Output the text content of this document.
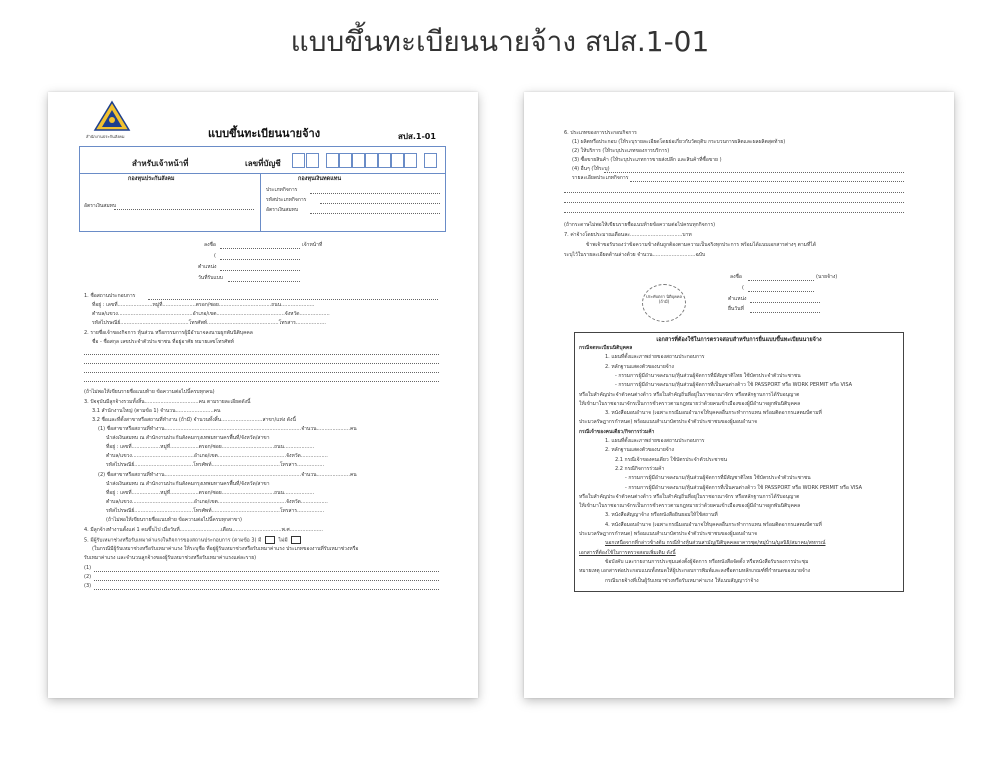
แบบขึ้นทะเบียนนายจ้าง สปส.1-01
สำนักงานประกันสังคม	แบบขึ้นทะเบียนนายจ้าง	สปส.1-01
สำหรับเจ้าหน้าที่	เลขที่บัญชี
กองทุนประกันสังคม	กองทุนเงินทดแทน
อัตราเงินสมทบ
ประเภทกิจการ
รหัสประเภทกิจการ
อัตราเงินสมทบ
ลงชื่อ	เจ้าหน้าที่
(
ตำแหน่ง
วันที่รับแบบ
1. ชื่อสถานประกอบการ
ที่อยู่ : เลขที่......................หมู่ที่.....................ตรอก/ซอย.................................ถนน.....................
ตำบล/แขวง...............................................อำเภอ/เขต...........................................จังหวัด...................
รหัสไปรษณีย์...........................................โทรศัพท์.............................................โทรสาร...................
2. รายชื่อเจ้าของกิจการ หุ้นส่วน หรือกรรมการผู้มีอำนาจลงนามผูกพันนิติบุคคล
ชื่อ - ชื่อสกุล เลขประจำตัวประชาชน ที่อยู่อาศัย หมายเลขโทรศัพท์
(ถ้าไม่พอให้เขียนรายชื่อแนบท้าย ข้อความต่อไปนี้ครบทุกคน)
3. ปัจจุบันมีลูกจ้างรวมทั้งสิ้น..................................คน ตามรายละเอียดดังนี้
3.1 สำนักงานใหญ่ (ตามข้อ 1) จำนวน........................คน
3.2 ชื่อและที่ตั้งสาขาหรือสถานที่ทำงาน (ถ้ามี) จำนวนทั้งสิ้น..........................สาขา/แห่ง ดังนี้
(1) ชื่อสาขาหรือสถานที่ทำงาน......................................................................................จำนวน.....................คน
นำส่งเงินสมทบ ณ สำนักงานประกันสังคมกรุงเทพมหานครพื้นที่/จังหวัด/สาขา
ที่อยู่ : เลขที่..................หมู่ที่..................ตรอก/ซอย.................................ถนน...................
ตำบล/แขวง.......................................อำเภอ/เขต...........................................จังหวัด.................
รหัสไปรษณีย์.....................................โทรศัพท์...........................................โทรสาร.................
(2) ชื่อสาขาหรือสถานที่ทำงาน......................................................................................จำนวน.....................คน
นำส่งเงินสมทบ ณ สำนักงานประกันสังคมกรุงเทพมหานครพื้นที่/จังหวัด/สาขา
ที่อยู่ : เลขที่..................หมู่ที่..................ตรอก/ซอย.................................ถนน...................
ตำบล/แขวง.......................................อำเภอ/เขต...........................................จังหวัด.................
รหัสไปรษณีย์.....................................โทรศัพท์...........................................โทรสาร.................
(ถ้าไม่พอให้เขียนรายชื่อแนบท้าย ข้อความต่อไปนี้ครบทุกสาขา)
4. มีลูกจ้างทำงานตั้งแต่ 1 คนขึ้นไป เมื่อวันที่..........................เดือน...............................พ.ศ.....................
5. มีผู้รับเหมาช่วงหรือรับเหมาค่าแรงในกิจการของสถานประกอบการ (ตามข้อ 3) มี	ไม่มี
(ในกรณีมีผู้รับเหมาช่วงหรือรับเหมาค่าแรง ให้ระบุชื่อ ที่อยู่ผู้รับเหมาช่วงหรือรับเหมาค่าแรง ประเภทของงานที่รับเหมาช่วงหรือ
รับเหมาค่าแรง และจำนวนลูกจ้างของผู้รับเหมาช่วงหรือรับเหมาค่าแรงแต่ละราย)
(1)
(2)
(3)
6. ประเภทของการประกอบกิจการ
(1) ผลิตหรือประกอบ (ให้ระบุรายละเอียดโดยย่อเกี่ยวกับวัตถุดิบ กระบวนการผลิตและผลผลิตสุดท้าย)
(2) ให้บริการ (ให้ระบุประเภทของการบริการ)
(3) ซื้อขายสินค้า (ให้ระบุประเภทการขายส่งปลีก และสินค้าที่ซื้อขาย )
(4) อื่นๆ (ให้ระบุ)
รายละเอียดประเภทกิจการ
(ถ้ากระดาษไม่พอให้เขียนรายชื่อแนบท้ายข้อความต่อไปครบทุกกิจการ)
7. ค่าจ้างโดยประมาณเดือนละ.................................บาท
ข้าพเจ้าขอรับรองว่าข้อความข้างต้นถูกต้องตามความเป็นจริงทุกประการ พร้อมได้แนบเอกสารต่างๆ ตามที่ได้
ระบุไว้ในรายละเอียดด้านล่างด้วย จำนวน...........................ฉบับ
ประทับตรา นิติบุคคล (ถ้ามี)
ลงชื่อ	(นายจ้าง)
(
ตำแหน่ง
ยื่นวันที่
เอกสารที่ต้องใช้ในการตรวจสอบสำหรับการยื่นแบบขึ้นทะเบียนนายจ้าง
กรณีจดทะเบียนนิติบุคคล
1. แผนที่ตั้งและภาพถ่ายของสถานประกอบการ
2. หลักฐานแสดงตัวของนายจ้าง
- กรรมการผู้มีอำนาจลงนาม/หุ้นส่วนผู้จัดการที่มีสัญชาติไทย ใช้บัตรประจำตัวประชาชน
- กรรมการผู้มีอำนาจลงนาม/หุ้นส่วนผู้จัดการที่เป็นคนต่างด้าว ใช้ PASSPORT หรือ WORK PERMIT หรือ VISA
หรือใบสำคัญประจำตัวคนต่างด้าว หรือใบสำคัญถิ่นที่อยู่ในราชอาณาจักร หรือหลักฐานการได้รับอนุญาต
ให้เข้ามาในราชอาณาจักรเป็นการชั่วคราวตามกฎหมายว่าด้วยคนเข้าเมืองของผู้มีอำนาจผูกพันนิติบุคคล
3. หนังสือมอบอำนาจ (เฉพาะกรณีมอบอำนาจให้บุคคลอื่นกระทำการแทน พร้อมติดอากรแสตมป์ตามที่
ประมวลรัษฎากรกำหนด) พร้อมแนบสำเนาบัตรประจำตัวประชาชนของผู้มอบอำนาจ
กรณีเจ้าของคนเดียว/กิจการร่วมค้า
1. แผนที่ตั้งและภาพถ่ายของสถานประกอบการ
2. หลักฐานแสดงตัวของนายจ้าง
2.1 กรณีเจ้าของคนเดียว ใช้บัตรประจำตัวประชาชน
2.2 กรณีกิจการร่วมค้า
- กรรมการผู้มีอำนาจลงนาม/หุ้นส่วนผู้จัดการที่มีสัญชาติไทย ใช้บัตรประจำตัวประชาชน
- กรรมการผู้มีอำนาจลงนาม/หุ้นส่วนผู้จัดการที่เป็นคนต่างด้าว ใช้ PASSPORT หรือ WORK PERMIT หรือ VISA
หรือใบสำคัญประจำตัวคนต่างด้าว หรือใบสำคัญถิ่นที่อยู่ในราชอาณาจักร หรือหลักฐานการได้รับอนุญาต
ให้เข้ามาในราชอาณาจักรเป็นการชั่วคราวตามกฎหมายว่าด้วยคนเข้าเมืองของผู้มีอำนาจผูกพันนิติบุคคล
3. หนังสือสัญญาจ้าง หรือหนังสือยินยอมให้ใช้สถานที่
4. หนังสือมอบอำนาจ (เฉพาะกรณีมอบอำนาจให้บุคคลอื่นกระทำการแทน พร้อมติดอากรแสตมป์ตามที่
ประมวลรัษฎากรกำหนด) พร้อมแนบสำเนาบัตรประจำตัวประชาชนของผู้มอบอำนาจ
นอกเหนือจากที่กล่าวข้างต้น กรณีห้างหุ้นส่วนสามัญ/นิติบุคคลอาคารชุด/หมู่บ้าน/มูลนิธิ/สมาคม/สหกรณ์
เอกสารที่ต้องใช้ในการตรวจสอบเพิ่มเติม ดังนี้
ข้อบังคับ และรายงานการประชุมแต่งตั้งผู้จัดการ หรือหนังสือจัดตั้ง หรือหนังสือรับรองการประชุม
หมายเหตุ เอกสารต่อประกอบแนบทั้งหมดให้ผู้ประกอบการพิมพ์และลงชื่อตามหลักเกณฑ์ที่กำหนดของนายจ้าง
กรณีนายจ้างที่เป็นผู้รับเหมาช่วงหรือรับเหมาค่าแรง ให้แนบสัญญาว่าจ้าง
